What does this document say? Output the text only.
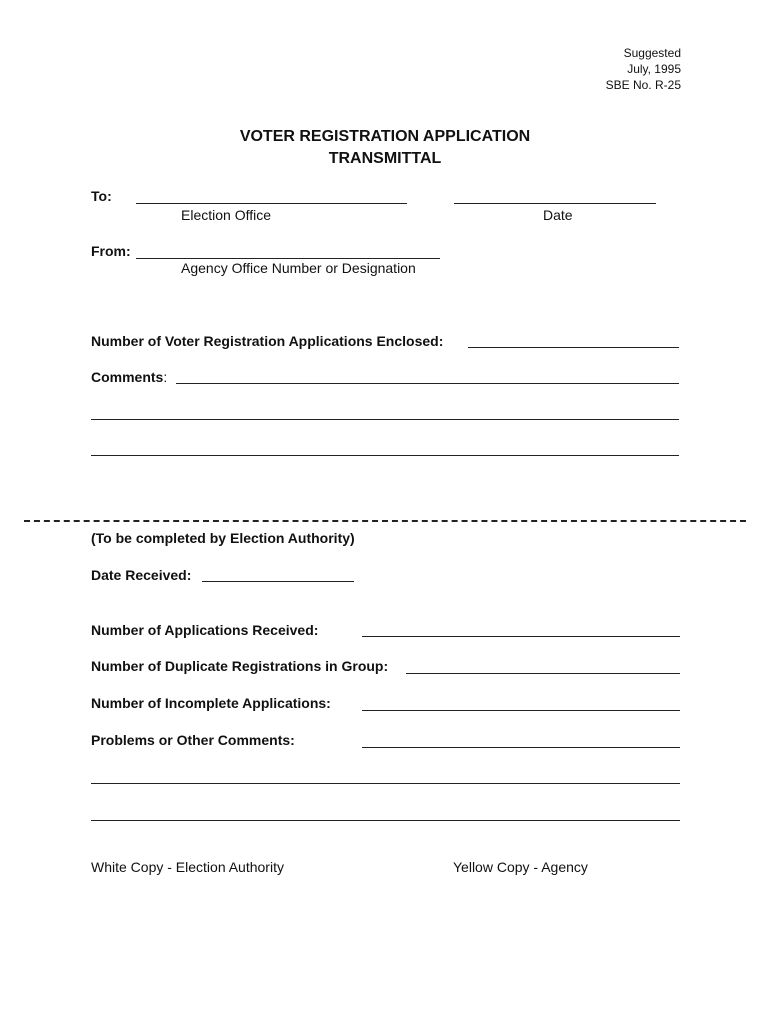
Suggested
July, 1995
SBE No. R-25
VOTER REGISTRATION APPLICATION
TRANSMITTAL
To:
Election Office	Date
From:
Agency Office Number or Designation
Number of Voter Registration Applications Enclosed:
Comments:
(To be completed by Election Authority)
Date Received:
Number of Applications Received:
Number of Duplicate Registrations in Group:
Number of Incomplete Applications:
Problems or Other Comments:
White Copy - Election Authority	Yellow Copy - Agency
